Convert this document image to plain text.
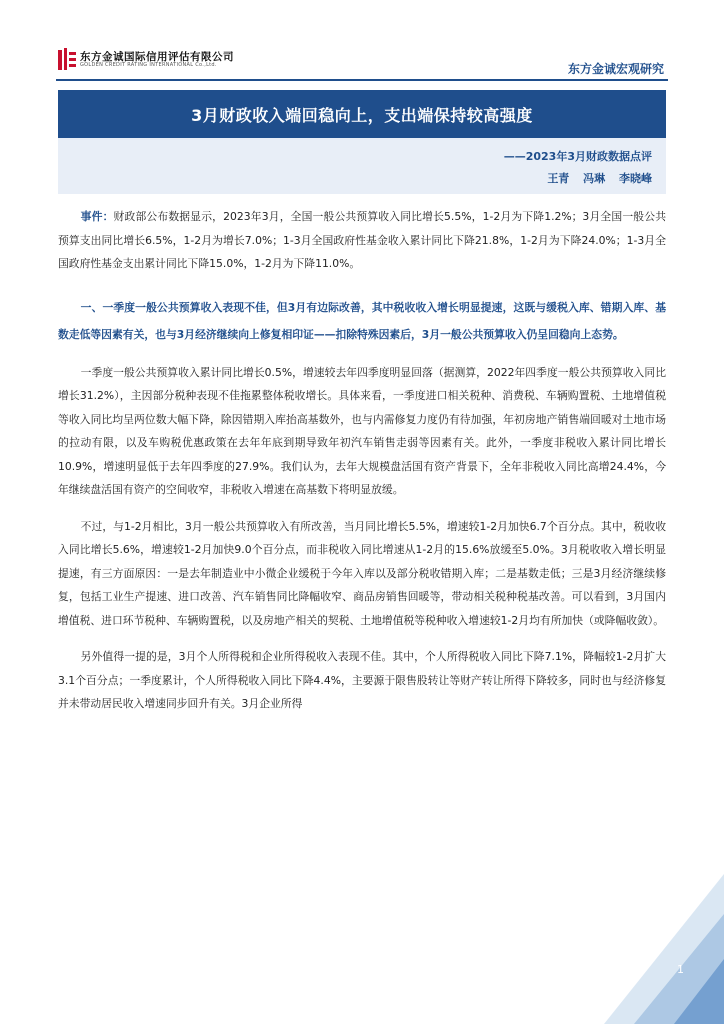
东方金诚国际信用评估有限公司
GOLDEN CREDIT RATING INTERNATIONAL Co.,Ltd.	东方金诚宏观研究
3月财政收入端回稳向上，支出端保持较高强度
——2023年3月财政数据点评
王青 冯琳 李晓峰

事件：财政部公布数据显示，2023年3月，全国一般公共预算收入同比增长5.5%，1-2月为下降1.2%；3月全国一般公共预算支出同比增长6.5%，1-2月为增长7.0%；1-3月全国政府性基金收入累计同比下降21.8%，1-2月为下降24.0%；1-3月全国政府性基金支出累计同比下降15.0%，1-2月为下降11.0%。

一、一季度一般公共预算收入表现不佳，但3月有边际改善，其中税收收入增长明显提速，这既与缓税入库、错期入库、基数走低等因素有关，也与3月经济继续向上修复相印证——扣除特殊因素后，3月一般公共预算收入仍呈回稳向上态势。

一季度一般公共预算收入累计同比增长0.5%，增速较去年四季度明显回落（据测算，2022年四季度一般公共预算收入同比增长31.2%），主因部分税种表现不佳拖累整体税收增长。具体来看，一季度进口相关税种、消费税、车辆购置税、土地增值税等收入同比均呈两位数大幅下降，除因错期入库抬高基数外，也与内需修复力度仍有待加强，年初房地产销售端回暖对土地市场的拉动有限，以及车购税优惠政策在去年年底到期导致年初汽车销售走弱等因素有关。此外，一季度非税收入累计同比增长10.9%，增速明显低于去年四季度的27.9%。我们认为，去年大规模盘活国有资产背景下，全年非税收入同比高增24.4%，今年继续盘活国有资产的空间收窄，非税收入增速在高基数下将明显放缓。

不过，与1-2月相比，3月一般公共预算收入有所改善，当月同比增长5.5%，增速较1-2月加快6.7个百分点。其中，税收收入同比增长5.6%，增速较1-2月加快9.0个百分点，而非税收入同比增速从1-2月的15.6%放缓至5.0%。3月税收收入增长明显提速，有三方面原因：一是去年制造业中小微企业缓税于今年入库以及部分税收错期入库；二是基数走低；三是3月经济继续修复，包括工业生产提速、进口改善、汽车销售同比降幅收窄、商品房销售回暖等，带动相关税种税基改善。可以看到，3月国内增值税、进口环节税种、车辆购置税，以及房地产相关的契税、土地增值税等税种收入增速较1-2月均有所加快（或降幅收敛）。

另外值得一提的是，3月个人所得税和企业所得税收入表现不佳。其中，个人所得税收入同比下降7.1%，降幅较1-2月扩大3.1个百分点；一季度累计，个人所得税收入同比下降4.4%，主要源于限售股转让等财产转让所得下降较多，同时也与经济修复并未带动居民收入增速同步回升有关。3月企业所得

1
